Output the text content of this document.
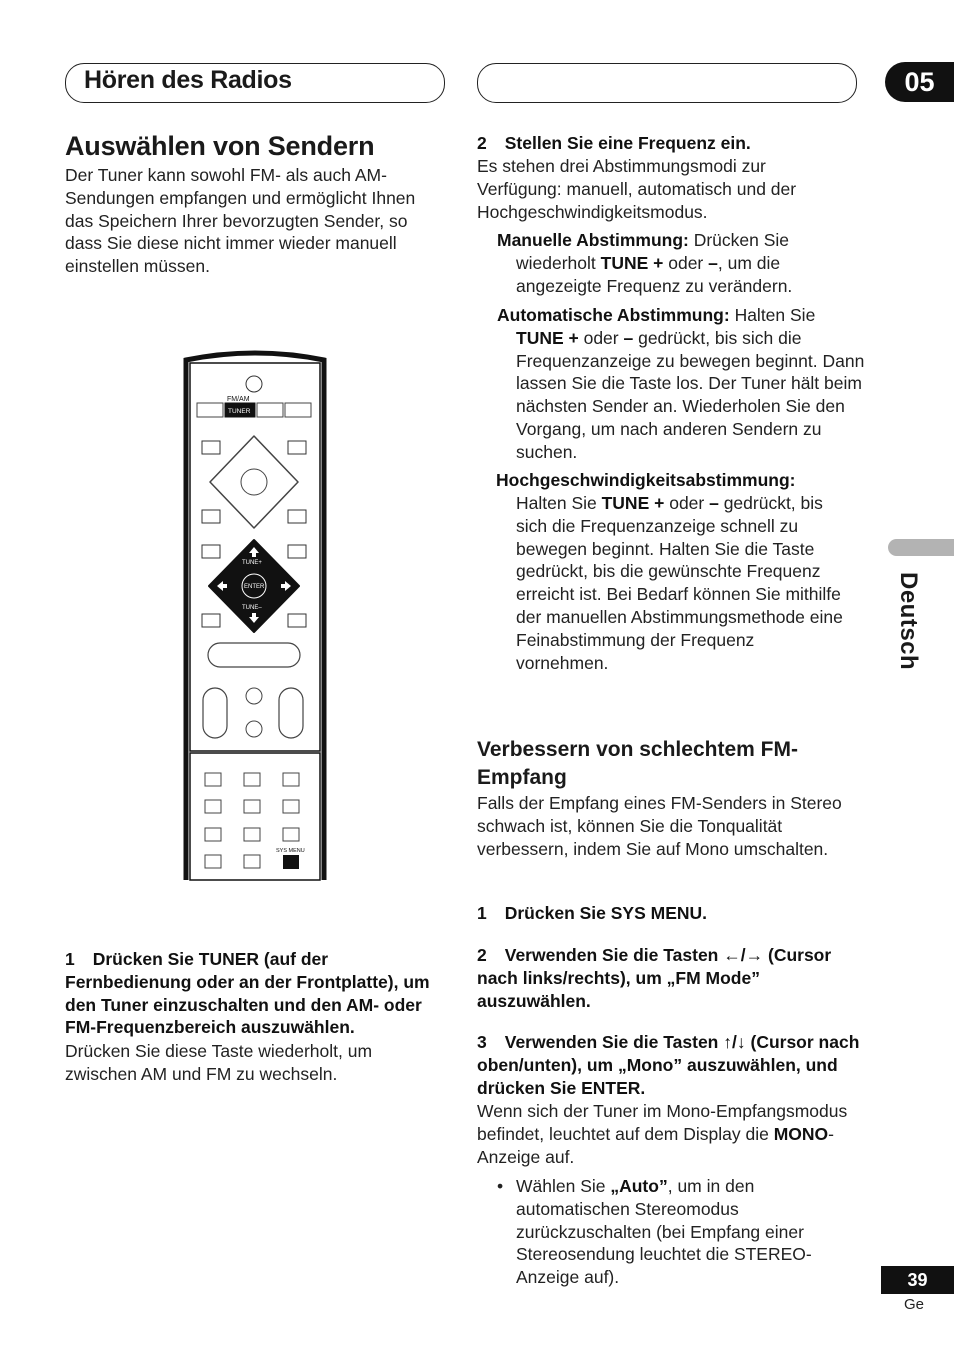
Hören des Radios	05
Auswählen von Sendern

Der Tuner kann sowohl FM- als auch AM-Sendungen empfangen und ermöglicht Ihnen das Speichern Ihrer bevorzugten Sender, so dass Sie diese nicht immer wieder manuell einstellen müssen.

FM/AM
TUNER
ENTER
TUNE+
TUNE–
SYS MENU
1 Drücken Sie TUNER (auf der Fernbedienung oder an der Frontplatte), um den Tuner einzuschalten und den AM- oder FM-Frequenzbereich auszuwählen.

Drücken Sie diese Taste wiederholt, um zwischen AM und FM zu wechseln.

2 Stellen Sie eine Frequenz ein.

Es stehen drei Abstimmungsmodi zur Verfügung: manuell, automatisch und der Hochgeschwindigkeitsmodus.

Manuelle Abstimmung: Drücken Sie wiederholt TUNE + oder –, um die angezeigte Frequenz zu verändern.

Automatische Abstimmung: Halten Sie TUNE + oder – gedrückt, bis sich die Frequenzanzeige zu bewegen beginnt. Dann lassen Sie die Taste los. Der Tuner hält beim nächsten Sender an. Wiederholen Sie den Vorgang, um nach anderen Sendern zu suchen.

Hochgeschwindigkeitsabstimmung:

Halten Sie TUNE + oder – gedrückt, bis sich die Frequenzanzeige schnell zu bewegen beginnt. Halten Sie die Taste gedrückt, bis die gewünschte Frequenz erreicht ist. Bei Bedarf können Sie mithilfe der manuellen Abstimmungsmethode eine Feinabstimmung der Frequenz vornehmen.

Verbessern von schlechtem FM-Empfang

Falls der Empfang eines FM-Senders in Stereo schwach ist, können Sie die Tonqualität verbessern, indem Sie auf Mono umschalten.

1 Drücken Sie SYS MENU.
2 Verwenden Sie die Tasten ←/→ (Cursor nach links/rechts), um „FM Mode” auszuwählen.
3 Verwenden Sie die Tasten ↑/↓ (Cursor nach oben/unten), um „Mono” auszuwählen, und drücken Sie ENTER.

Wenn sich der Tuner im Mono-Empfangsmodus befindet, leuchtet auf dem Display die MONO-Anzeige auf.

• Wählen Sie „Auto”, um in den automatischen Stereomodus zurückzuschalten (bei Empfang einer Stereosendung leuchtet die STEREO-Anzeige auf).

Deutsch
39
Ge
